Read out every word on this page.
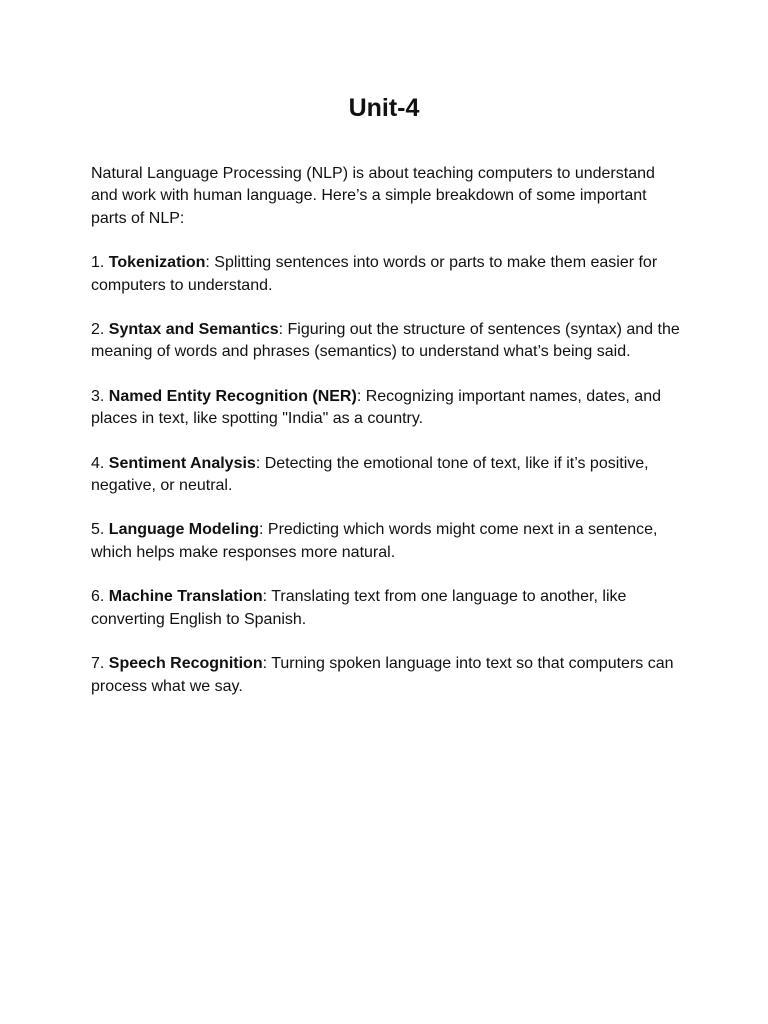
Unit-4

Natural Language Processing (NLP) is about teaching computers to understand and work with human language. Here’s a simple breakdown of some important parts of NLP:

1. Tokenization: Splitting sentences into words or parts to make them easier for computers to understand.

2. Syntax and Semantics: Figuring out the structure of sentences (syntax) and the meaning of words and phrases (semantics) to understand what’s being said.

3. Named Entity Recognition (NER): Recognizing important names, dates, and places in text, like spotting "India" as a country.

4. Sentiment Analysis: Detecting the emotional tone of text, like if it’s positive, negative, or neutral.

5. Language Modeling: Predicting which words might come next in a sentence, which helps make responses more natural.

6. Machine Translation: Translating text from one language to another, like converting English to Spanish.

7. Speech Recognition: Turning spoken language into text so that computers can process what we say.
